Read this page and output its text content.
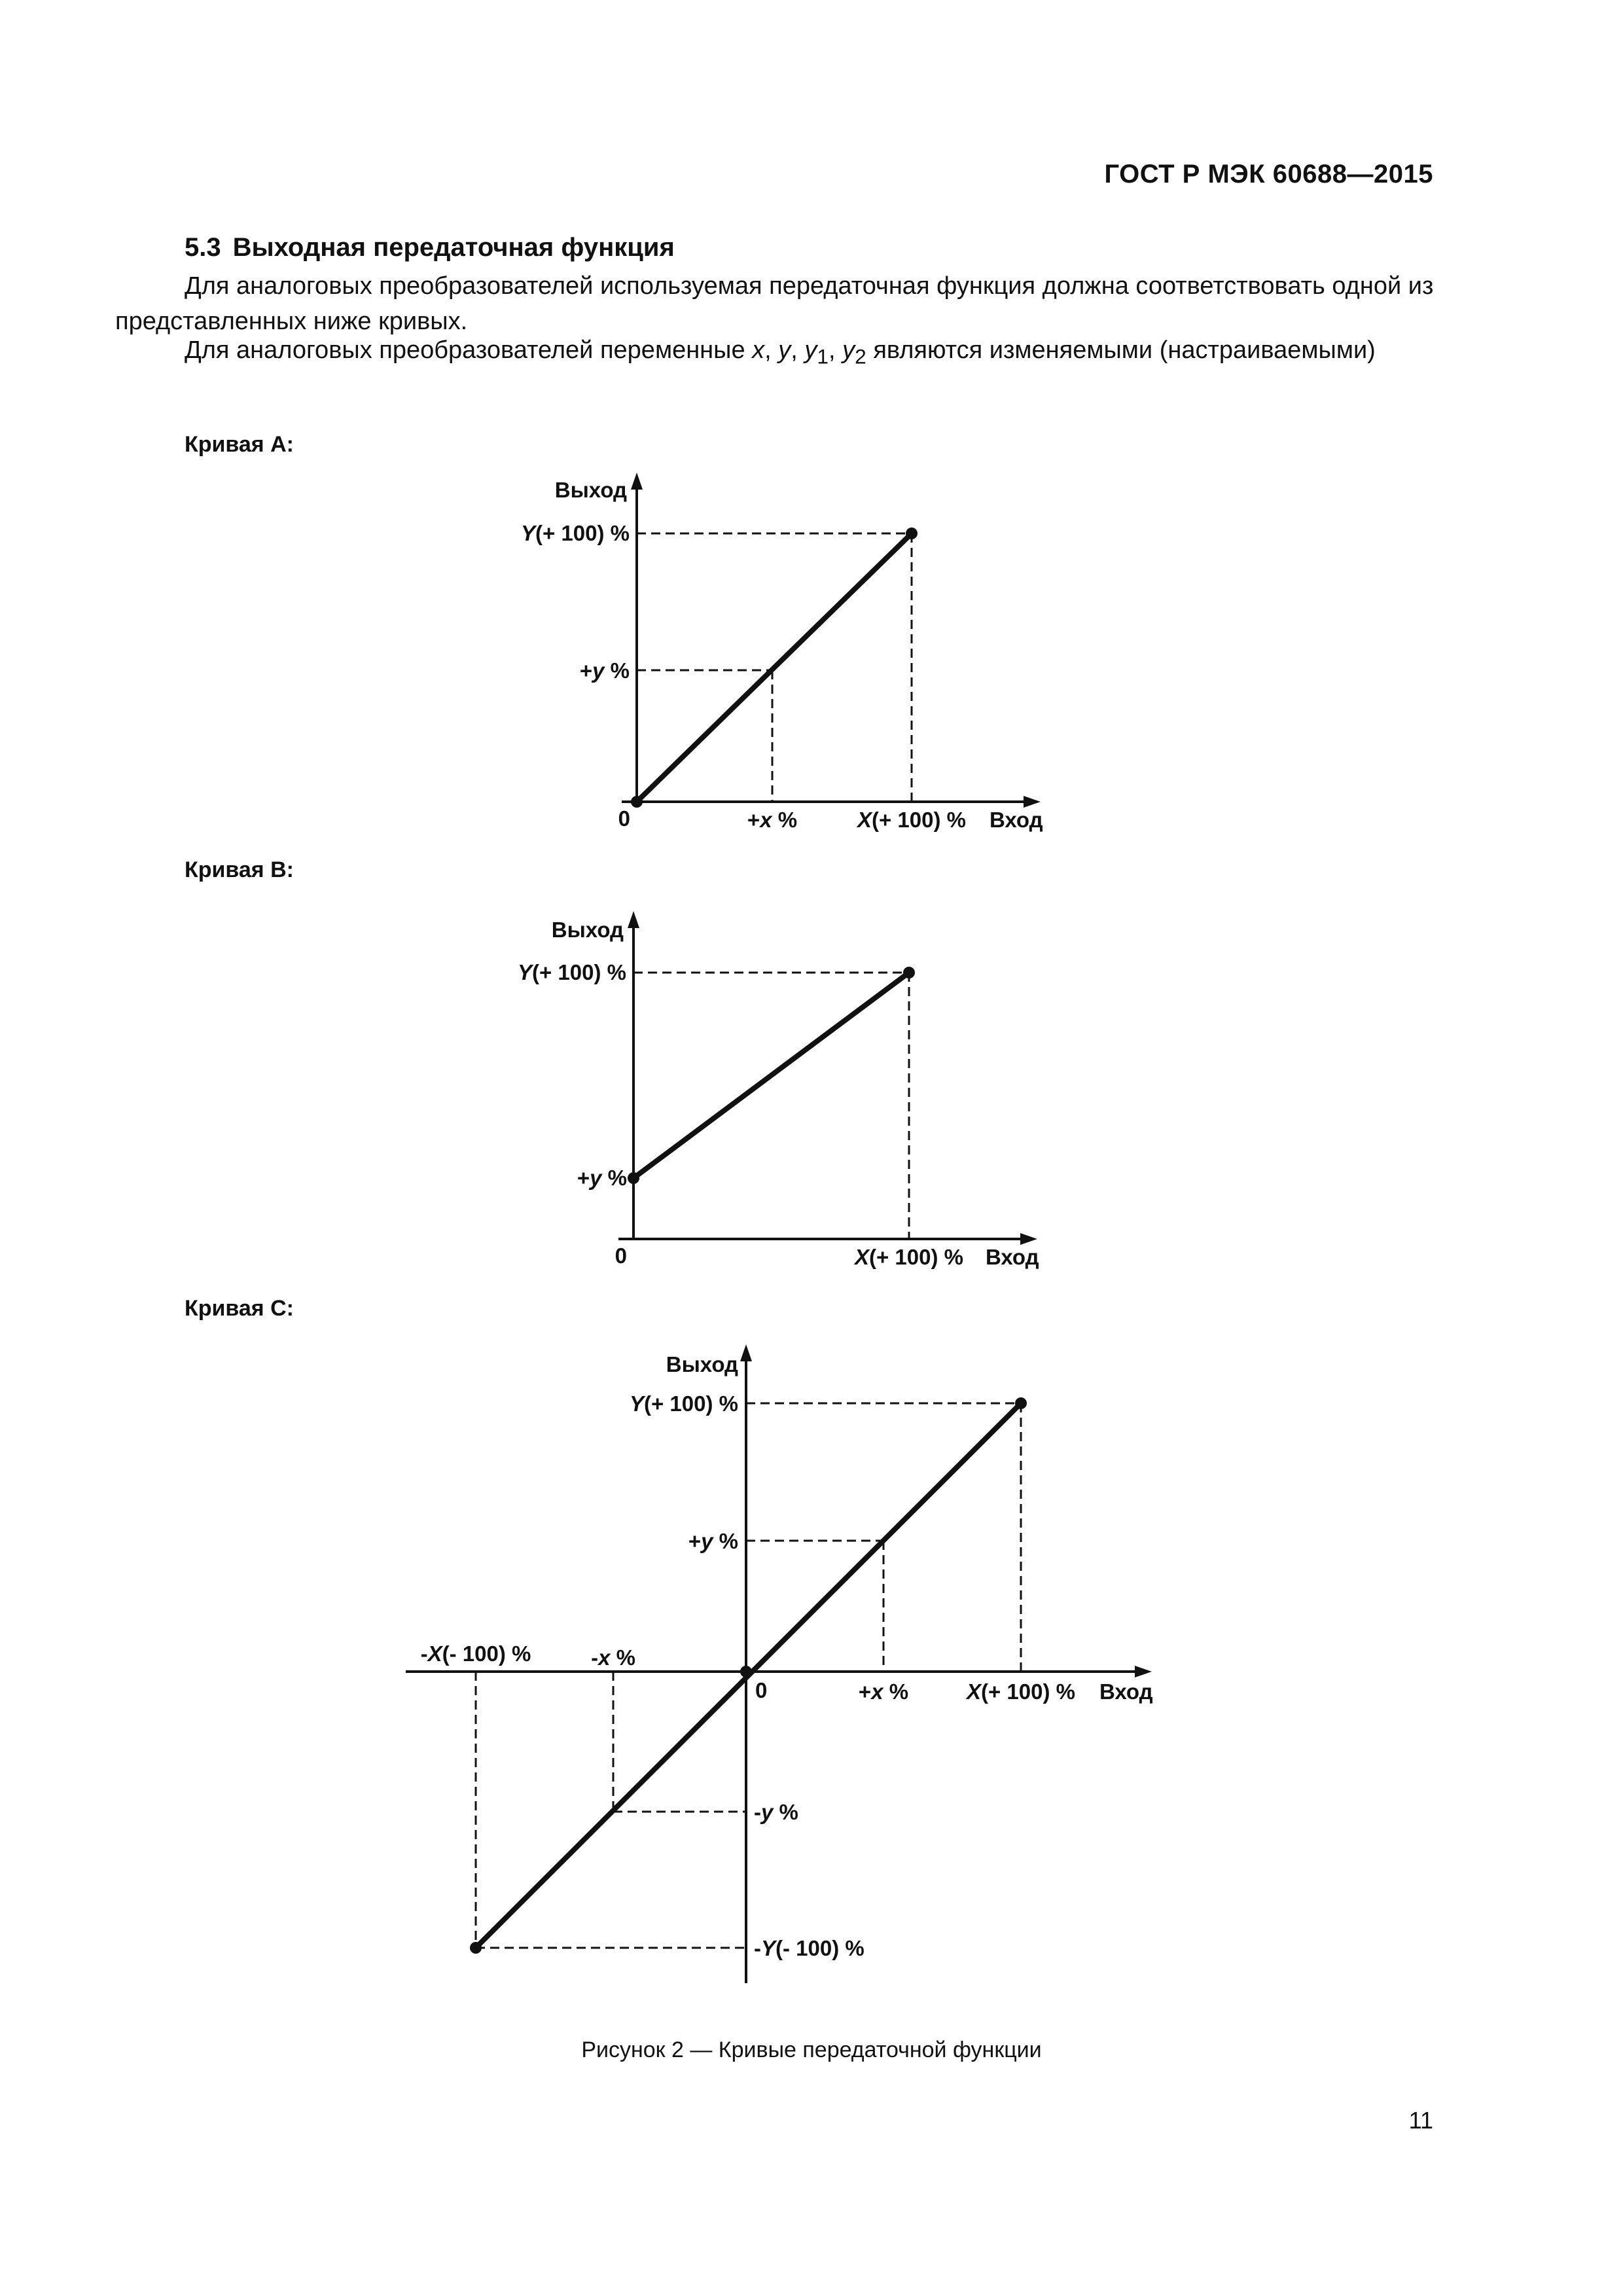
ГОСТ Р МЭК 60688—2015
5.3 Выходная передаточная функция
Для аналоговых преобразователей используемая передаточная функция должна соответствовать одной из представленных ниже кривых.
Для аналоговых преобразователей переменные x, y, $y_1$, $y_2$ являются изменяемыми (настраиваемыми)
Кривая А:
Выход
Y(+ 100) %
+y %
0	+x %	X(+ 100) % Вход
Кривая В:
Выход
Y(+ 100) %
+y %
0	X(+ 100) % Вход
Кривая С:
Выход
Y(+ 100) %
+y %
-X(- 100) %	-x %
0	+x %	X(+ 100) % Вход
-y %
-Y(- 100) %
Рисунок 2 — Кривые передаточной функции
11
